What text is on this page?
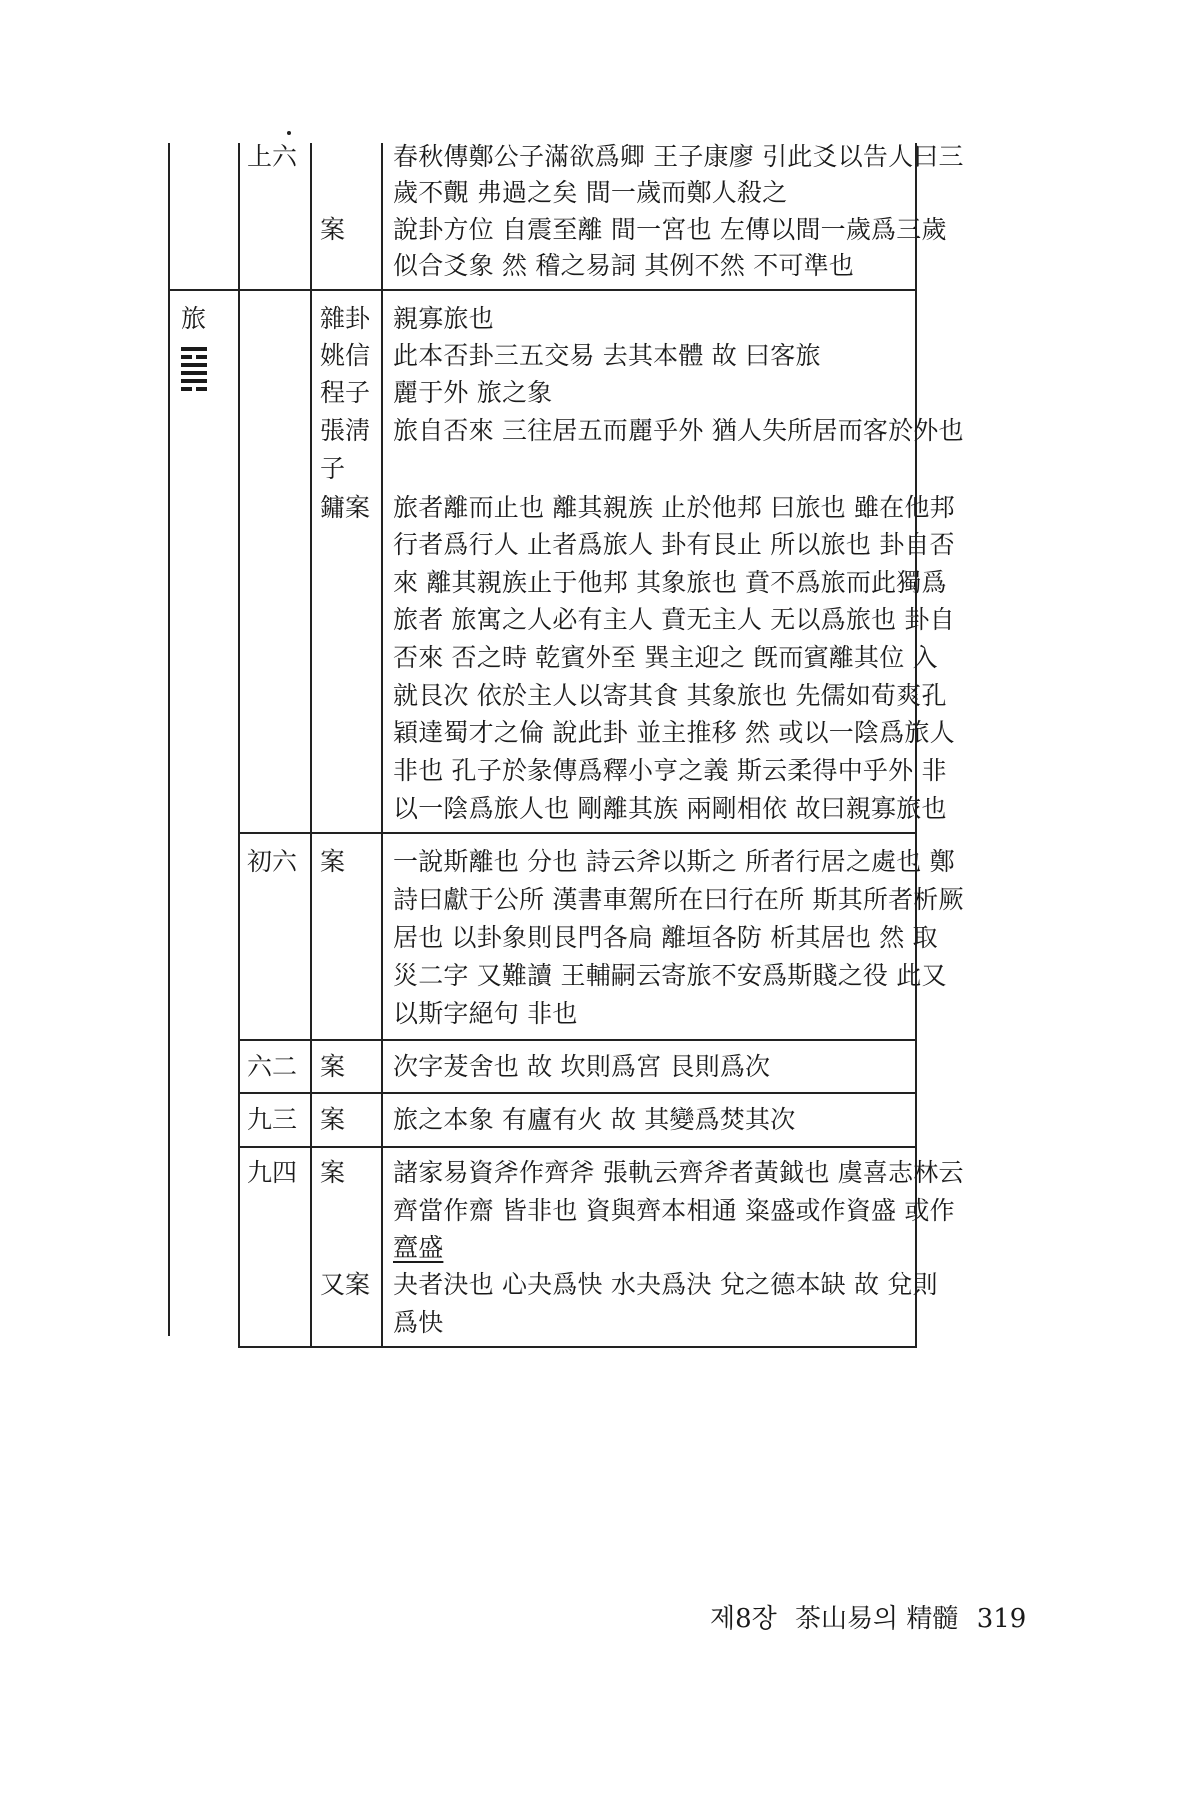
上六
案
春秋傳鄭公子滿欲爲卿 王子康廖 引此爻以告人曰三
歲不覿 弗過之矣 間一歲而鄭人殺之
說卦方位 自震至離 間一宮也 左傳以間一歲爲三歲
似合爻象 然 稽之易詞 其例不然 不可準也
旅	雜卦
姚信
程子
張淸
子
鏞案
親寡旅也
此本否卦三五交易 去其本體 故 曰客旅
麗于外 旅之象
旅自否來 三往居五而麗乎外 猶人失所居而客於外也
旅者離而止也 離其親族 止於他邦 曰旅也 雖在他邦
行者爲行人 止者爲旅人 卦有艮止 所以旅也 卦自否
來 離其親族止于他邦 其象旅也 賁不爲旅而此獨爲
旅者 旅寓之人必有主人 賁无主人 无以爲旅也 卦自
否來 否之時 乾賓外至 巽主迎之 旣而賓離其位 入
就艮次 依於主人以寄其食 其象旅也 先儒如荀爽孔
穎達蜀才之倫 說此卦 並主推移 然 或以一陰爲旅人
非也 孔子於彖傳爲釋小亨之義 斯云柔得中乎外 非
以一陰爲旅人也 剛離其族 兩剛相依 故曰親寡旅也
初六 案 一說斯離也 分也 詩云斧以斯之 所者行居之處也 鄭
詩曰獻于公所 漢書車駕所在曰行在所 斯其所者析厥
居也 以卦象則艮門各扃 離垣各防 析其居也 然 取
災二字 又難讀 王輔嗣云寄旅不安爲斯賤之役 此又
以斯字絕句 非也
六二 案 次字茇舍也 故 坎則爲宮 艮則爲次
九三 案 旅之本象 有廬有火 故 其變爲焚其次
九四 案 諸家易資斧作齊斧 張軌云齊斧者黃鉞也 虞喜志林云
齊當作齋 皆非也 資與齊本相通 粢盛或作資盛 或作
齍盛
又案 夬者決也 心夬爲快 水夬爲決 兌之德本缺 故 兌則
爲快
제8장 茶山易의 精髓 319
